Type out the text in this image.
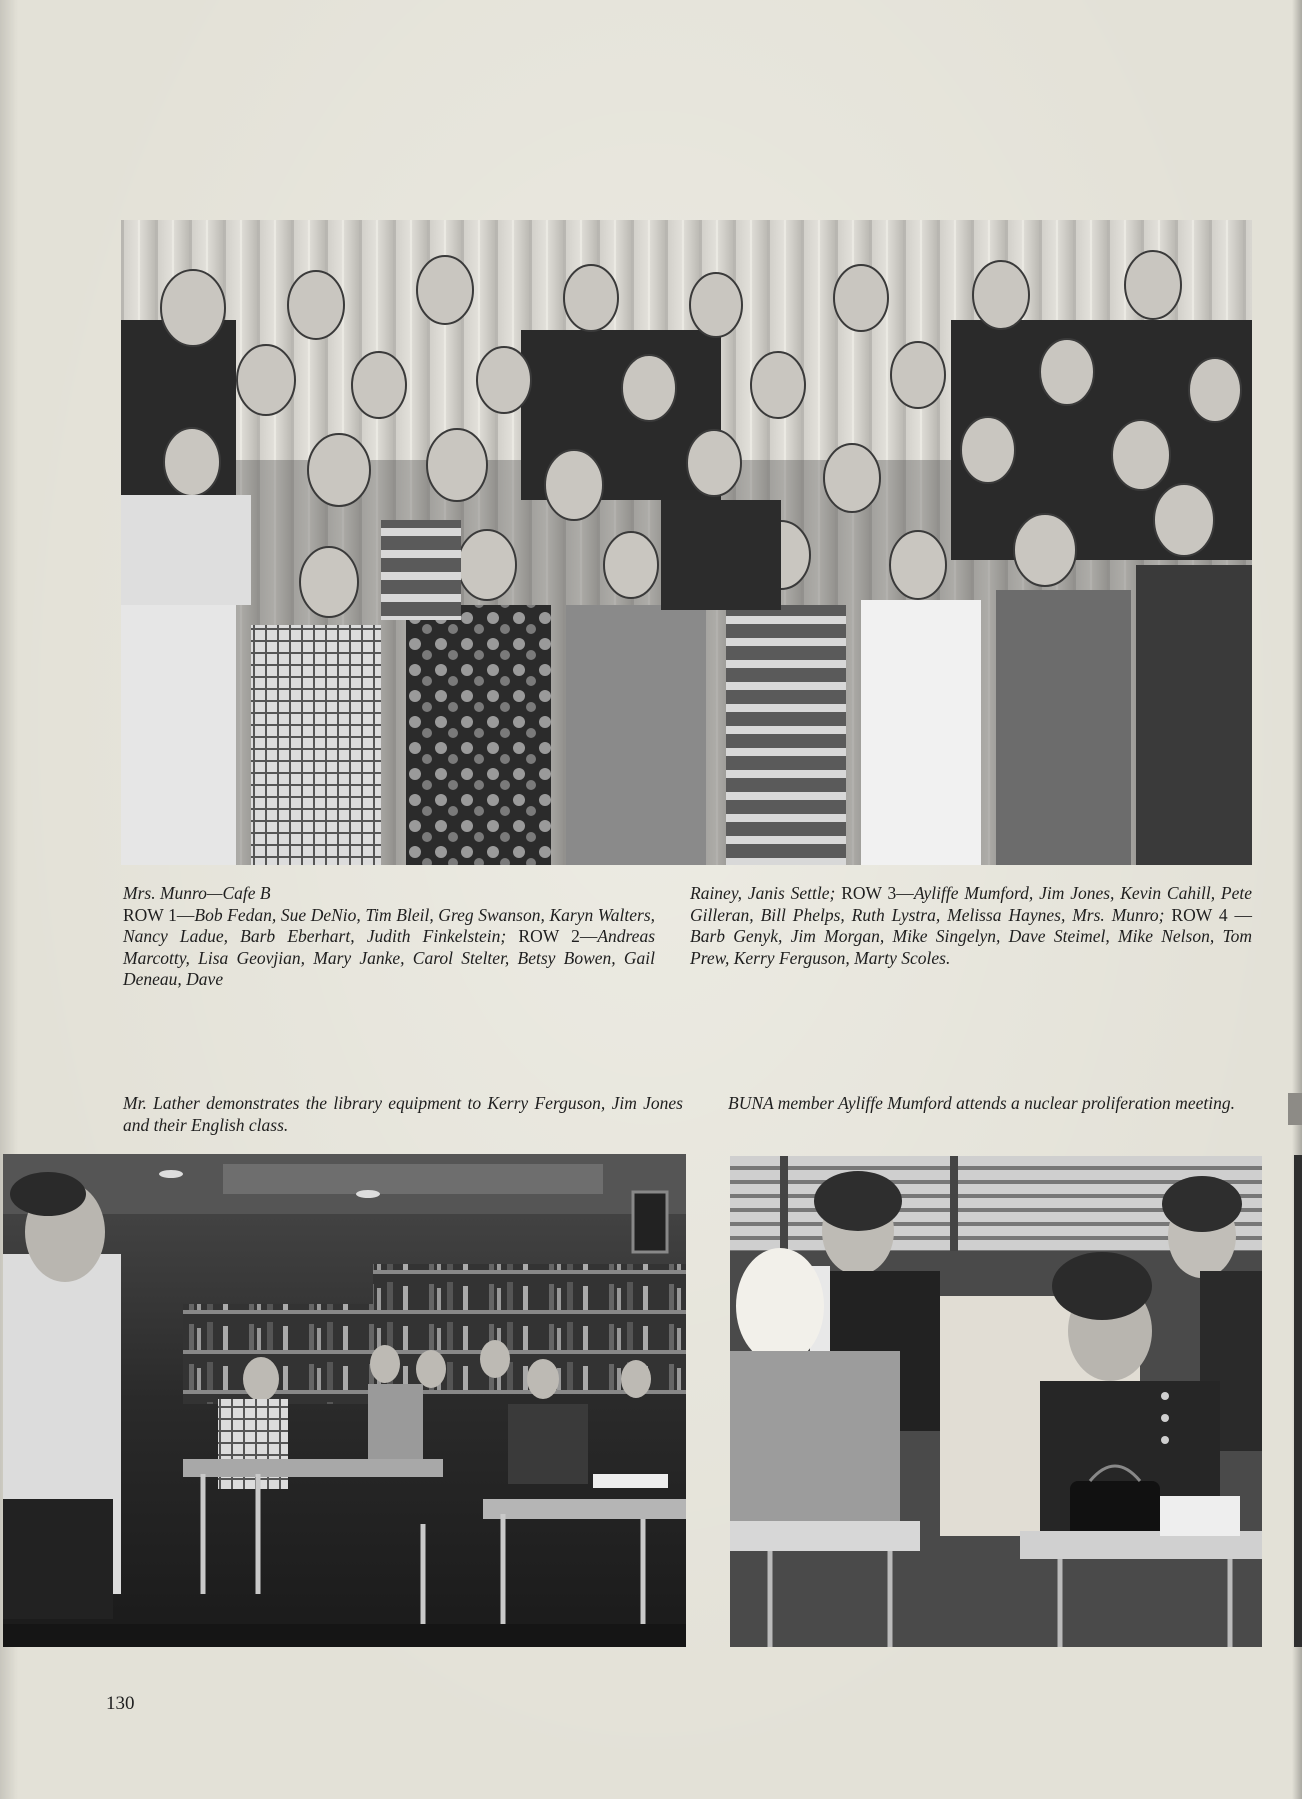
Mrs. Munro—Cafe B
ROW 1—Bob Fedan, Sue DeNio, Tim Bleil, Greg Swanson, Karyn Walters, Nancy Ladue, Barb Eberhart, Judith Finkelstein; ROW 2—Andreas Marcotty, Lisa Geovjian, Mary Janke, Carol Stelter, Betsy Bowen, Gail Deneau, Dave
Rainey, Janis Settle; ROW 3—Ayliffe Mumford, Jim Jones, Kevin Cahill, Pete Gilleran, Bill Phelps, Ruth Lystra, Melissa Haynes, Mrs. Munro; ROW 4 — Barb Genyk, Jim Morgan, Mike Singelyn, Dave Steimel, Mike Nelson, Tom Prew, Kerry Ferguson, Marty Scoles.
Mr. Lather demonstrates the library equipment to Kerry Ferguson, Jim Jones and their English class.
BUNA member Ayliffe Mumford attends a nuclear proliferation meeting.
130
